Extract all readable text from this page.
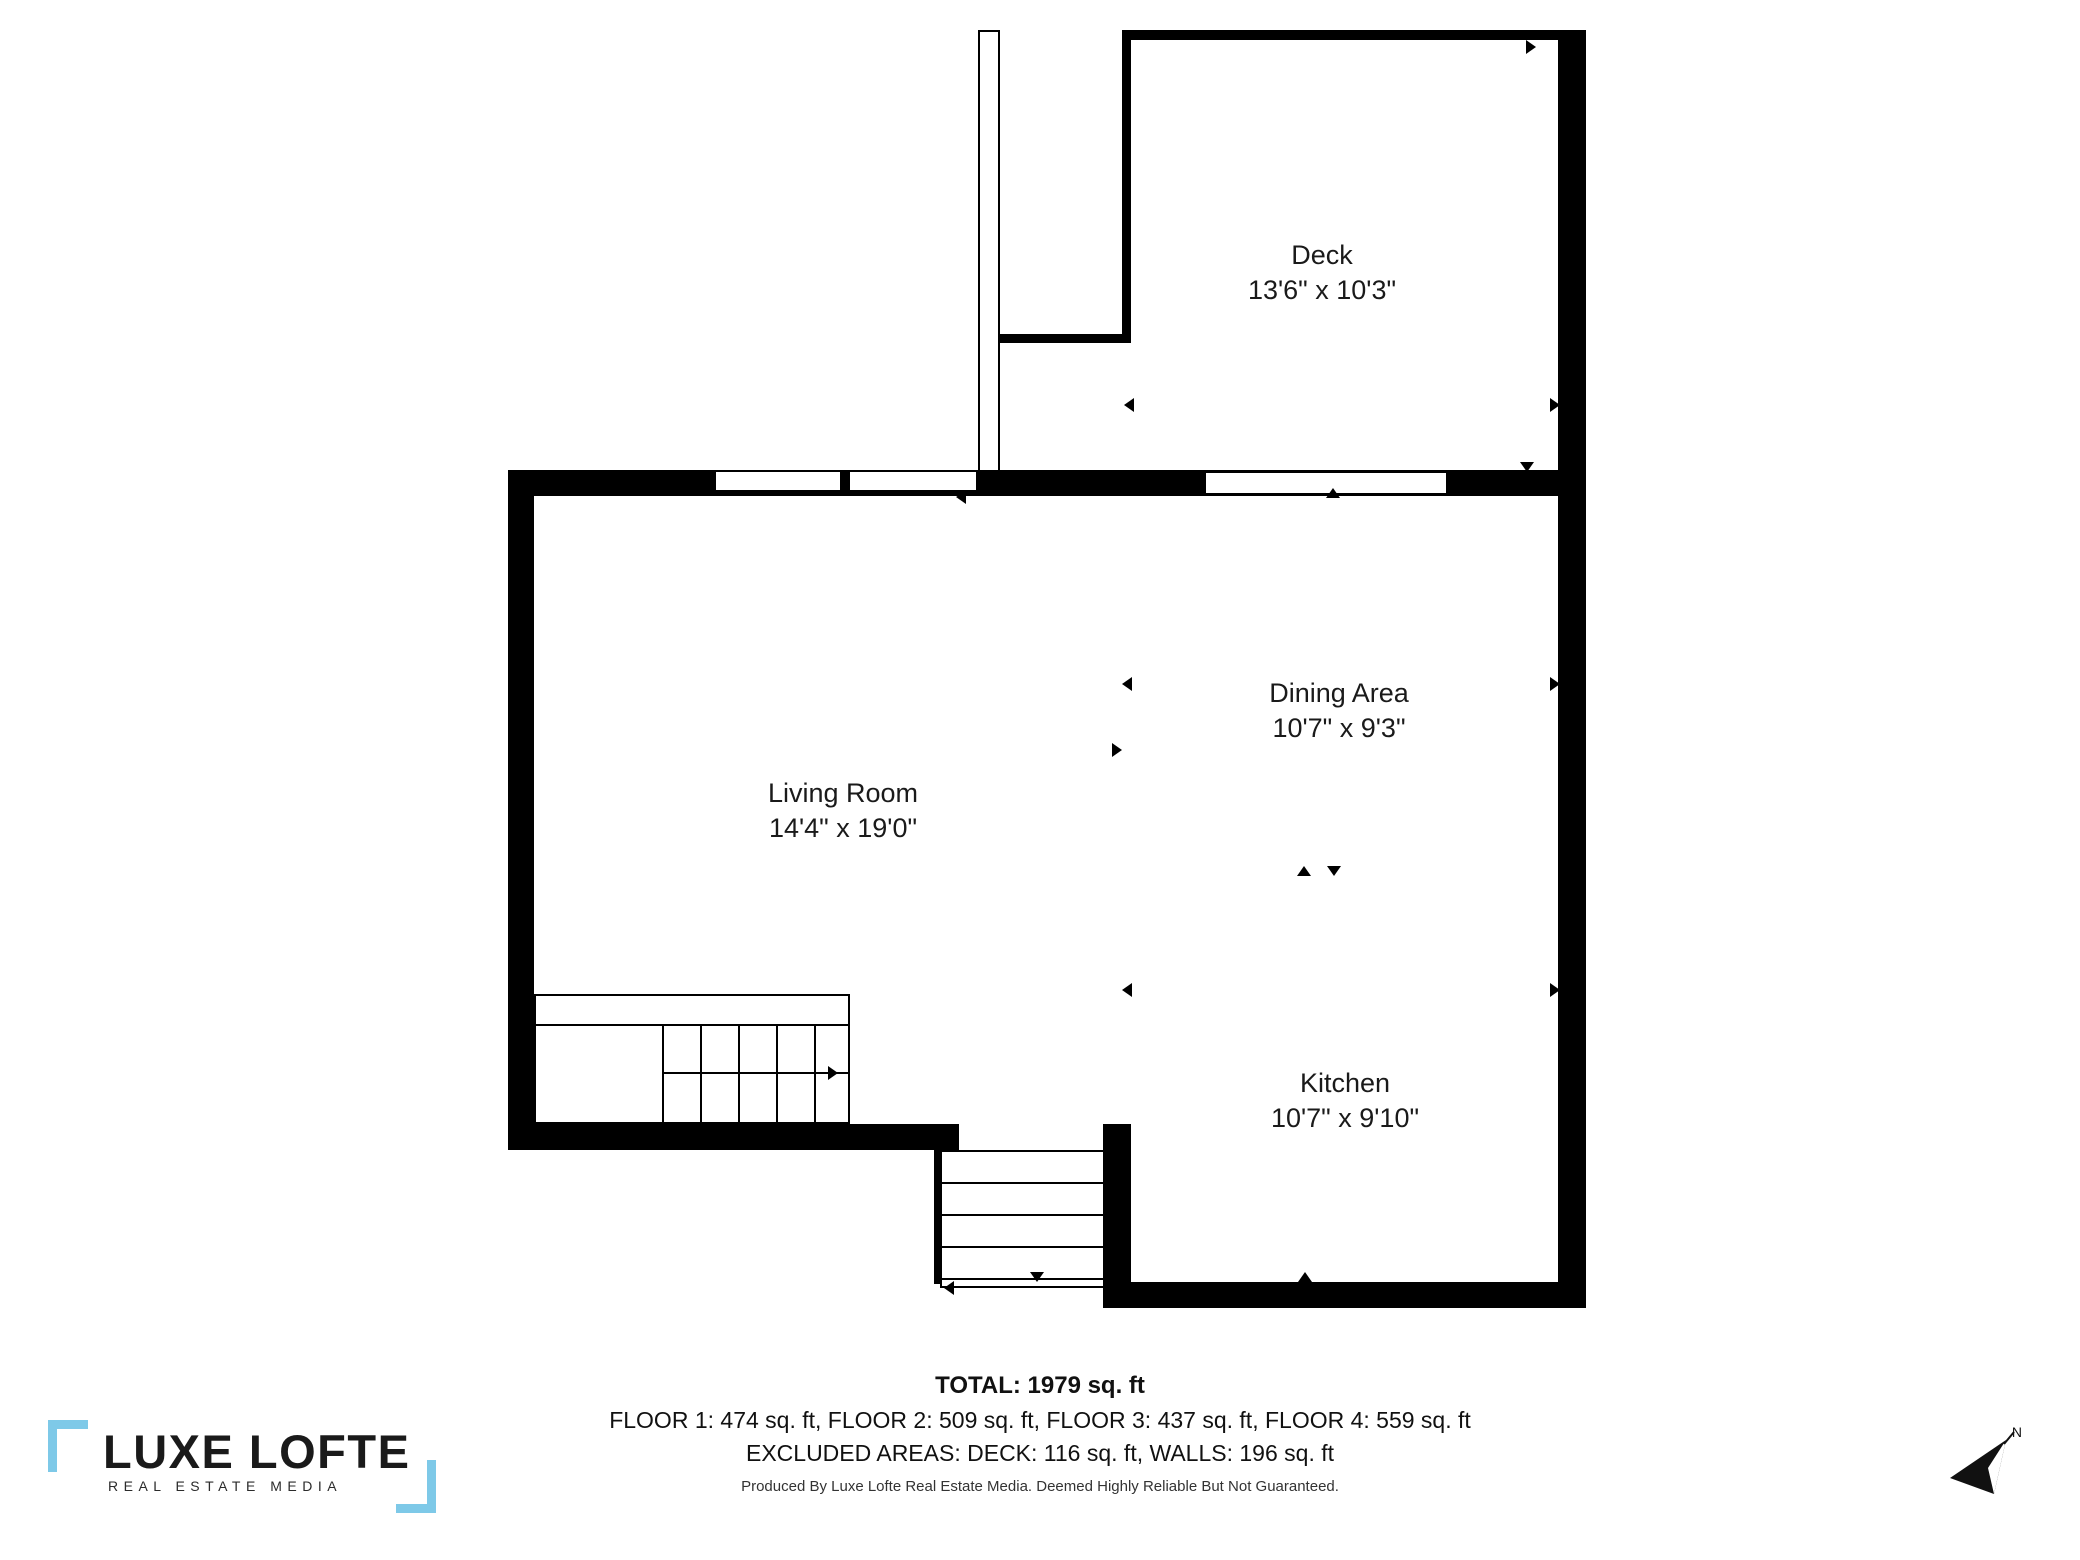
Deck
13'6" x 10'3"
Dining Area
10'7" x 9'3"
Living Room
14'4" x 19'0"
Kitchen
10'7" x 9'10"
TOTAL: 1979 sq. ft
FLOOR 1: 474 sq. ft, FLOOR 2: 509 sq. ft, FLOOR 3: 437 sq. ft, FLOOR 4: 559 sq. ft
EXCLUDED AREAS: DECK: 116 sq. ft, WALLS: 196 sq. ft
Produced By Luxe Lofte Real Estate Media. Deemed Highly Reliable But Not Guaranteed.
LUXE LOFTE
REAL ESTATE MEDIA
N
